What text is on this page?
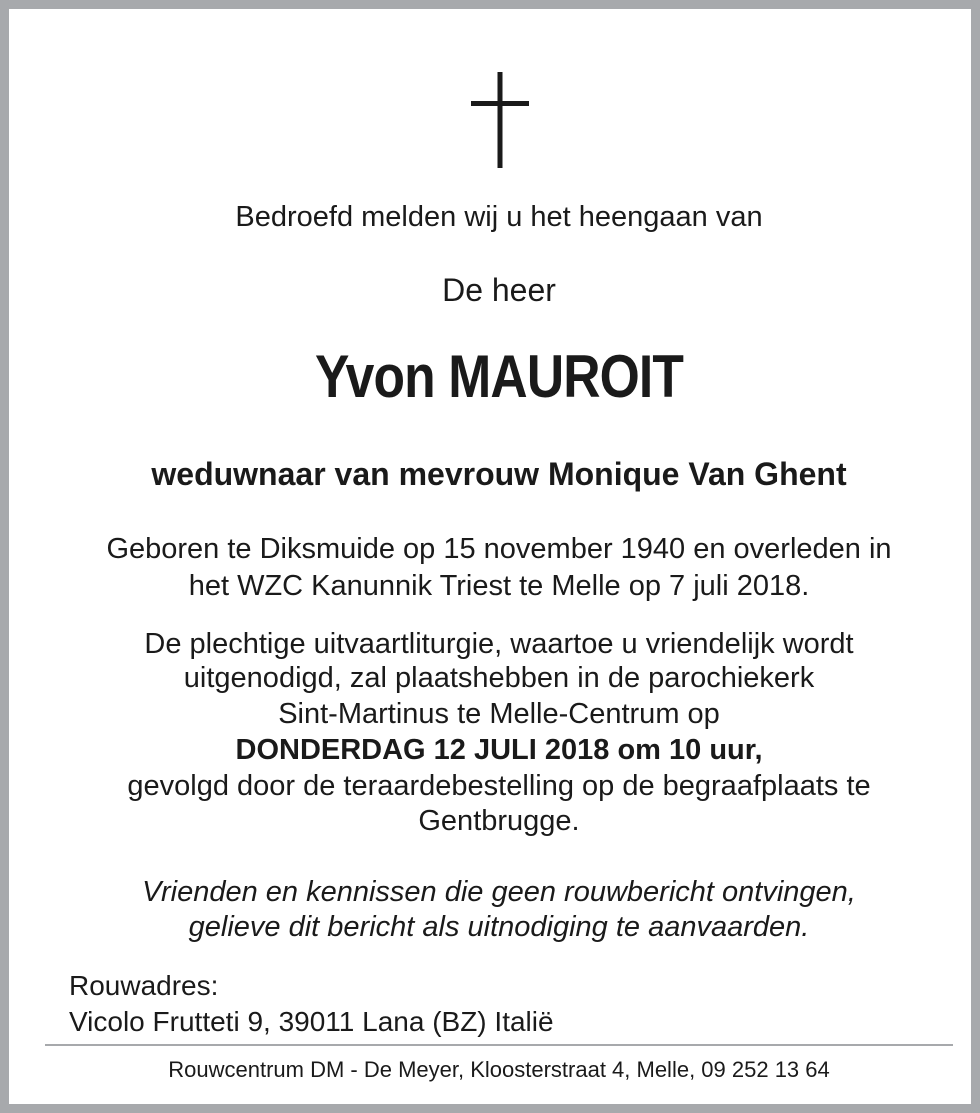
Bedroefd melden wij u het heengaan van
De heer
Yvon MAUROIT
weduwnaar van mevrouw Monique Van Ghent
Geboren te Diksmuide op 15 november 1940 en overleden in
het WZC Kanunnik Triest te Melle op 7 juli 2018.
De plechtige uitvaartliturgie, waartoe u vriendelijk wordt
uitgenodigd, zal plaatshebben in de parochiekerk
Sint-Martinus te Melle-Centrum op
DONDERDAG 12 JULI 2018 om 10 uur,
gevolgd door de teraardebestelling op de begraafplaats te
Gentbrugge.
Vrienden en kennissen die geen rouwbericht ontvingen,
gelieve dit bericht als uitnodiging te aanvaarden.
Rouwadres:
Vicolo Frutteti 9, 39011 Lana (BZ) Italië
Rouwcentrum DM - De Meyer, Kloosterstraat 4, Melle, 09 252 13 64
